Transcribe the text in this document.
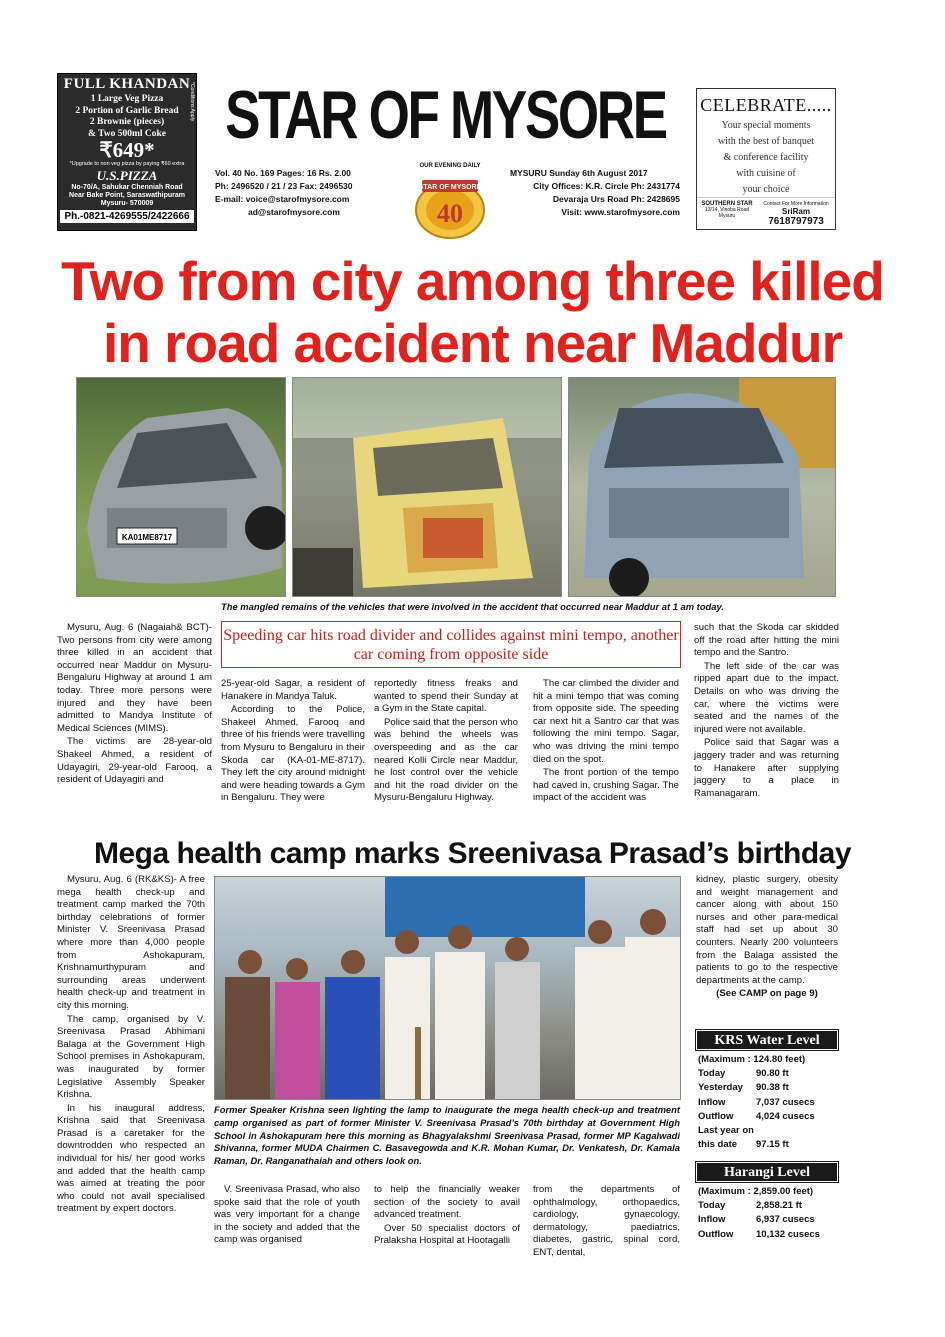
*Conditions Apply
FULL KHANDAN
1 Large Veg Pizza
2 Portion of Garlic Bread
2 Brownie (pieces)
& Two 500ml Coke
₹649*
*Upgrade to non veg pizza by paying ₹60 extra
U.S.PIZZA
No-70/A, Sahukar Chenniah Road
Near Bake Point, Saraswathipuram
Mysuru- 570009
Ph.-0821-4269555/2422666
STAR OF MYSORE
Vol. 40 No. 169 Pages: 16 Rs. 2.00
Ph: 2496520 / 21 / 23 Fax: 2496530
E-mail: voice@starofmysore.com
ad@starofmysore.com
OUR EVENING DAILY
STAR OF MYSORE
40
MYSURU Sunday 6th August 2017
City Offices: K.R. Circle Ph: 2431774
Devaraja Urs Road Ph: 2428695
Visit: www.starofmysore.com
CELEBRATE.....
Your special moments
with the best of banquet
& conference facility
with cuisine of
your choice
SOUTHERN STAR
13/14, Vinoba Road Mysuru
Contact For More Information
SriRam
7618797973
Two from city among three killed
in road accident near Maddur
KA01ME8717
The mangled remains of the vehicles that were involved in the accident that occurred near Maddur at 1 am today.

Mysuru, Aug. 6 (Nagaiah& BCT)- Two persons from city were among three killed in an accident that occurred near Maddur on Mysuru-Bengaluru Highway at around 1 am today. Three more persons were injured and they have been admitted to Mandya Institute of Medical Sciences (MIMS).

The victims are 28-year-old Shakeel Ahmed, a resident of Udayagiri, 29-year-old Farooq, a resident of Udayagiri and

Speeding car hits road divider and collides against mini tempo, another car coming from opposite side

25-year-old Sagar, a resident of Hanakere in Mandya Taluk.

According to the Police, Shakeel Ahmed, Farooq and three of his friends were travelling from Mysuru to Bengaluru in their Skoda car (KA-01-ME-8717). They left the city around midnight and were heading towards a Gym in Bengaluru. They were

reportedly fitness freaks and wanted to spend their Sunday at a Gym in the State capital.

Police said that the person who was behind the wheels was overspeeding and as the car neared Kolli Circle near Maddur, he lost control over the vehicle and hit the road divider on the Mysuru-Bengaluru Highway.

The car climbed the divider and hit a mini tempo that was coming from opposite side. The speeding car next hit a Santro car that was following the mini tempo. Sagar, who was driving the mini tempo died on the spot.

The front portion of the tempo had caved in, crushing Sagar. The impact of the accident was

such that the Skoda car skidded off the road after hitting the mini tempo and the Santro.

The left side of the car was ripped apart due to the impact. Details on who was driving the car, where the victims were seated and the names of the injured were not available.

Police said that Sagar was a jaggery trader and was returning to Hanakere after supplying jaggery to a place in Ramanagaram.

Mega health camp marks Sreenivasa Prasad’s birthday

Mysuru, Aug. 6 (RK&KS)- A free mega health check-up and treatment camp marked the 70th birthday celebrations of former Minister V. Sreenivasa Prasad where more than 4,000 people from Ashokapuram, Krishnamurthypuram and surrounding areas underwent health check-up and treatment in city this morning.

The camp, organised by V. Sreenivasa Prasad Abhimani Balaga at the Government High School premises in Ashokapuram, was inaugurated by former Legislative Assembly Speaker Krishna.

In his inaugural address, Krishna said that Sreenivasa Prasad is a caretaker for the downtrodden who respected an individual for his/ her good works and added that the health camp was aimed at treating the poor who could not avail specialised treatment by expert doctors.

Former Speaker Krishna seen lighting the lamp to inaugurate the mega health check-up and treatment camp organised as part of former Minister V. Sreenivasa Prasad’s 70th birthday at Government High School in Ashokapuram here this morning as Bhagyalakshmi Sreenivasa Prasad, former MP Kagalwadi Shivanna, former MUDA Chairmen C. Basavegowda and K.R. Mohan Kumar, Dr. Venkatesh, Dr. Kamala Raman, Dr. Ranganathaiah and others look on.

V. Sreenivasa Prasad, who also spoke said that the role of youth was very important for a change in the society and added that the camp was organised

to help the financially weaker section of the society to avail advanced treatment.

Over 50 specialist doctors of Pralaksha Hospital at Hootagalli

from the departments of ophthalmology, orthopaedics, cardiology, gynaecology, dermatology, paediatrics, diabetes, gastric, spinal cord, ENT, dental,

kidney, plastic surgery, obesity and weight management and cancer along with about 150 nurses and other para-medical staff had set up about 30 counters. Nearly 200 volunteers from the Balaga assisted the patients to go to the respective departments at the camp.

(See CAMP on page 9)

KRS Water Level
(Maximum : 124.80 feet)
Today	90.80 ft
Yesterday	90.38 ft
Inflow	7,037 cusecs
Outflow	4,024 cusecs
Last year on
this date	97.15 ft
Harangi Level
(Maximum : 2,859.00 feet)
Today	2,858.21 ft
Inflow	6,937 cusecs
Outflow	10,132 cusecs
